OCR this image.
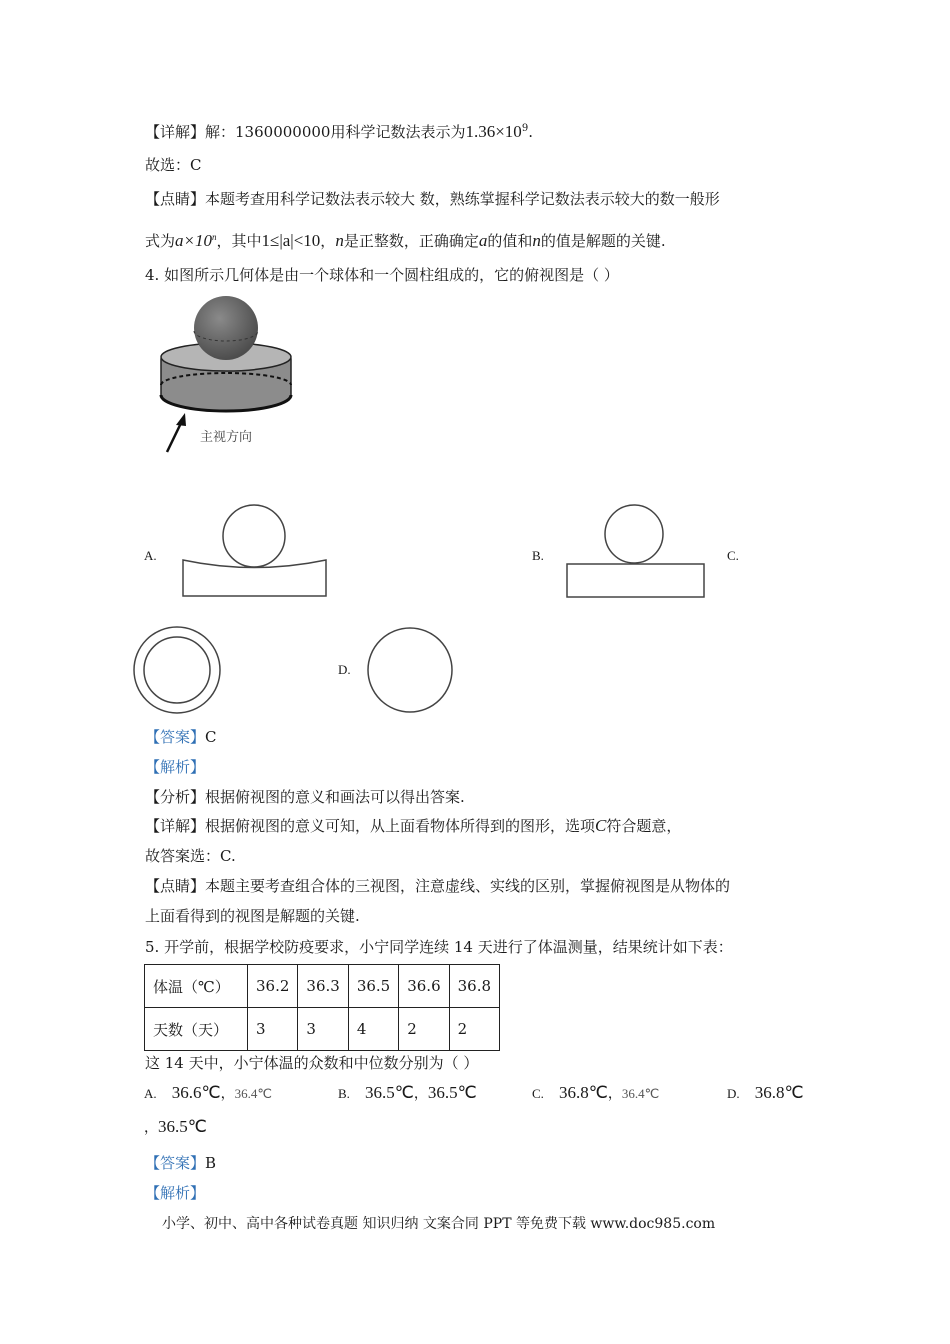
【详解】解：1360000000用科学记数法表示为$1.36\times 10^9$.
故选：C
【点睛】本题考查用科学记数法表示较大 数，熟练掌握科学记数法表示较大的数一般形
式为$a\times 10^n$，其中1≤|a|<10，n是正整数，正确确定a的值和n的值是解题的关键.
4. 如图所示几何体是由一个球体和一个圆柱组成的，它的俯视图是（ ）
主视方向
A.	B.	C.
D.
【答案】C
【解析】
【分析】根据俯视图的意义和画法可以得出答案.
【详解】根据俯视图的意义可知，从上面看物体所得到的图形，选项C符合题意，
故答案选：C.
【点睛】本题主要考查组合体的三视图，注意虚线、实线的区别，掌握俯视图是从物体的
上面看得到的视图是解题的关键.
5. 开学前，根据学校防疫要求，小宁同学连续 14 天进行了体温测量，结果统计如下表：
体温（℃）	36.2	36.3	36.5	36.6	36.8
天数（天）	3	3	4	2	2
这 14 天中，小宁体温的众数和中位数分别为（ ）
A. 36.6℃，36.4℃	B. 36.5℃，36.5℃	C. 36.8℃，36.4℃	D. 36.8℃
，36.5℃
【答案】B
【解析】
小学、初中、高中各种试卷真题 知识归纳 文案合同 PPT 等免费下载 www.doc985.com
